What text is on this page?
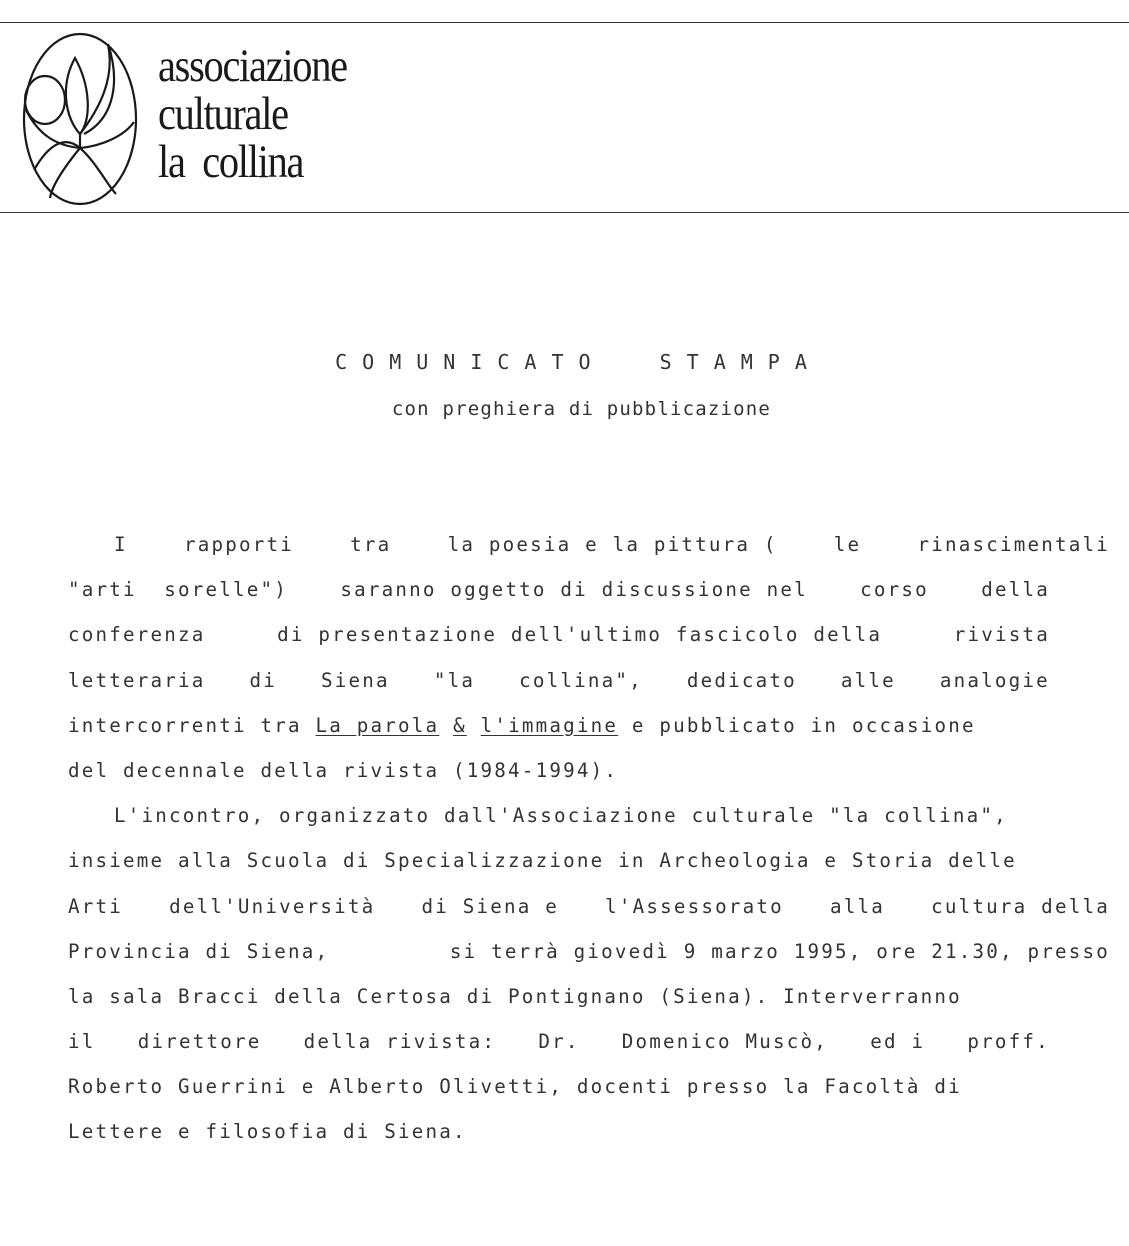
associazione
culturale
la  collina
COMUNICATO  STAMPA
con preghiera di pubblicazione
I	rapporti	tra	la poesia e la pittura (	le	rinascimentali
"arti  sorelle")	saranno oggetto di discussione nel	corso	della
conferenza	di presentazione dell'ultimo fascicolo della	rivista
letteraria di Siena "la collina", dedicato alle analogie
intercorrenti tra La parola & l'immagine e pubblicato in occasione
del decennale della rivista (1984-1994).
L'incontro, organizzato dall'Associazione culturale "la collina",
insieme alla Scuola di Specializzazione in Archeologia e Storia delle
Arti dell'Università di Siena e l'Assessorato alla cultura della
Provincia di Siena,	si terrà giovedì 9 marzo 1995, ore 21.30, presso
la sala Bracci della Certosa di Pontignano (Siena). Interverranno
il direttore della rivista: Dr. Domenico Muscò, ed i proff.
Roberto Guerrini e Alberto Olivetti, docenti presso la Facoltà di
Lettere e filosofia di Siena.
